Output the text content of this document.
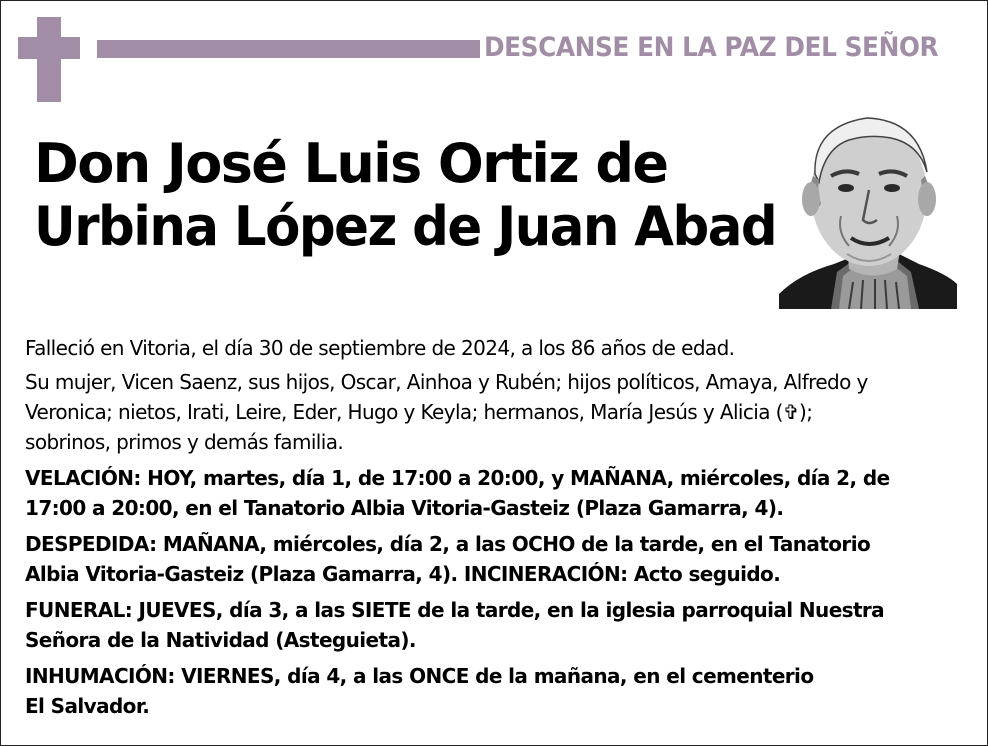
DESCANSE EN LA PAZ DEL SEÑOR
Don José Luis Ortiz de
Urbina López de Juan Abad

Falleció en Vitoria, el día 30 de septiembre de 2024, a los 86 años de edad.

Su mujer, Vicen Saenz, sus hijos, Oscar, Ainhoa y Rubén; hijos políticos, Amaya, Alfredo y
Veronica; nietos, Irati, Leire, Eder, Hugo y Keyla; hermanos, María Jesús y Alicia (✞);
sobrinos, primos y demás familia.

VELACIÓN: HOY, martes, día 1, de 17:00 a 20:00, y MAÑANA, miércoles, día 2, de
17:00 a 20:00, en el Tanatorio Albia Vitoria-Gasteiz (Plaza Gamarra, 4).

DESPEDIDA: MAÑANA, miércoles, día 2, a las OCHO de la tarde, en el Tanatorio
Albia Vitoria-Gasteiz (Plaza Gamarra, 4). INCINERACIÓN: Acto seguido.

FUNERAL: JUEVES, día 3, a las SIETE de la tarde, en la iglesia parroquial Nuestra
Señora de la Natividad (Asteguieta).

INHUMACIÓN: VIERNES, día 4, a las ONCE de la mañana, en el cementerio
El Salvador.
